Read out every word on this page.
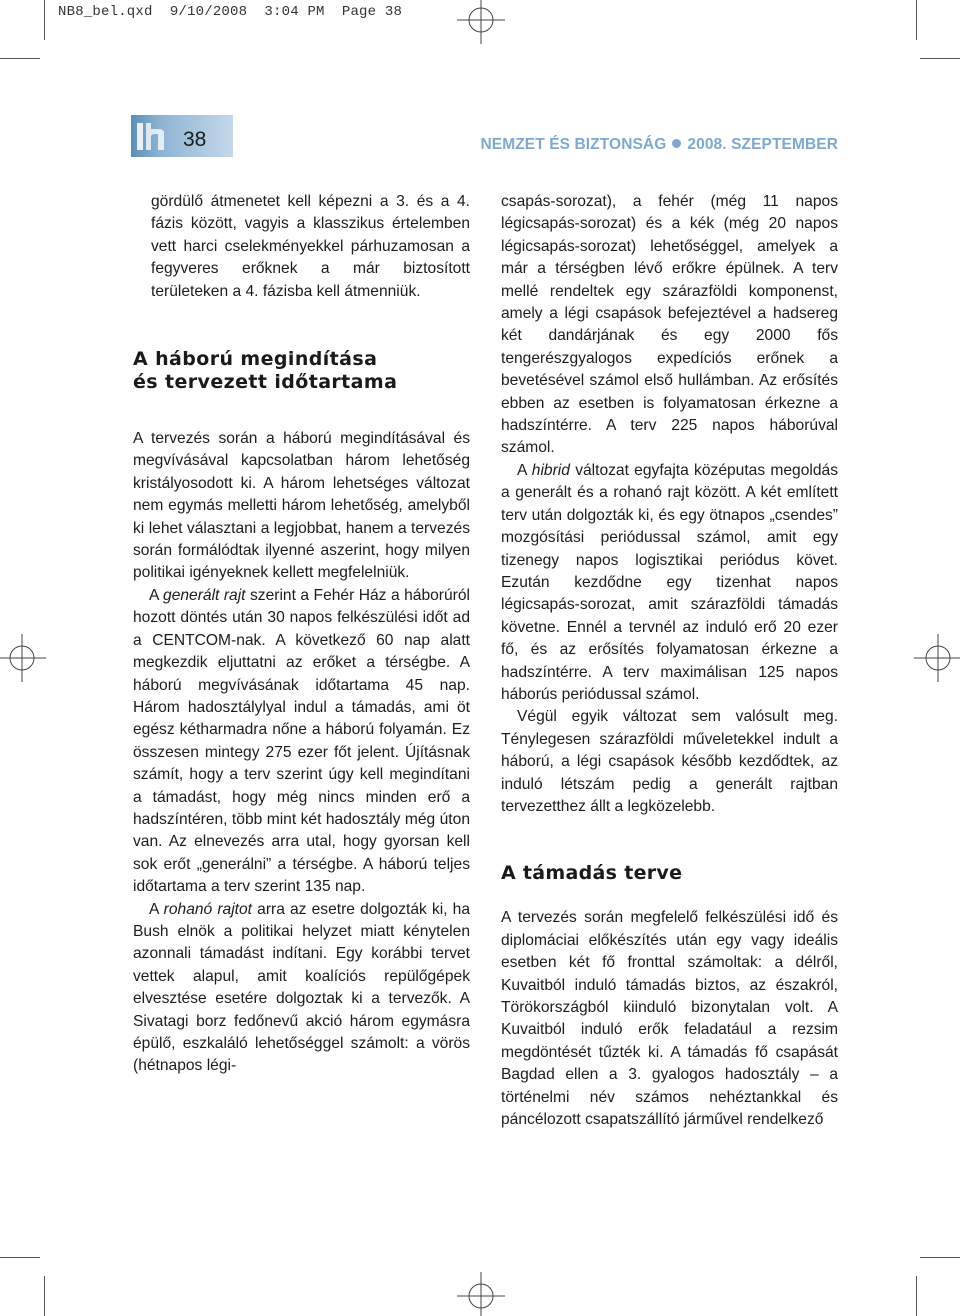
NB8_bel.qxd  9/10/2008  3:04 PM  Page 38
38	NEMZET ÉS BIZTONSÁG 2008. SZEPTEMBER

gördülő átmenetet kell képezni a 3. és a 4. fázis között, vagyis a klasszikus értelemben vett harci cselekményekkel párhuzamosan a fegyveres erőknek a már biztosított területeken a 4. fázisba kell átmenniük.

A háború megindítása
és tervezett időtartama

A tervezés során a háború megindításával és megvívásával kapcsolatban három lehetőség kristályosodott ki. A három lehetséges változat nem egymás melletti három lehetőség, amelyből ki lehet választani a legjobbat, hanem a tervezés során formálódtak ilyenné aszerint, hogy milyen politikai igényeknek kellett megfelelniük.

A generált rajt szerint a Fehér Ház a háborúról hozott döntés után 30 napos felkészülési időt ad a CENTCOM-nak. A következő 60 nap alatt megkezdik eljuttatni az erőket a térségbe. A háború megvívásának időtartama 45 nap. Három hadosztálylyal indul a támadás, ami öt egész kétharmadra nőne a háború folyamán. Ez összesen mintegy 275 ezer főt jelent. Újításnak számít, hogy a terv szerint úgy kell megindítani a támadást, hogy még nincs minden erő a hadszíntéren, több mint két hadosztály még úton van. Az elnevezés arra utal, hogy gyorsan kell sok erőt „generálni” a térségbe. A háború teljes időtartama a terv szerint 135 nap.

A rohanó rajtot arra az esetre dolgozták ki, ha Bush elnök a politikai helyzet miatt kénytelen azonnali támadást indítani. Egy korábbi tervet vettek alapul, amit koalíciós repülőgépek elvesztése esetére dolgoztak ki a tervezők. A Sivatagi borz fedőnevű akció három egymásra épülő, eszkaláló lehetőséggel számolt: a vörös (hétnapos légi-

csapás-sorozat), a fehér (még 11 napos légicsapás-sorozat) és a kék (még 20 napos légicsapás-sorozat) lehetőséggel, amelyek a már a térségben lévő erőkre épülnek. A terv mellé rendeltek egy szárazföldi komponenst, amely a légi csapások befejeztével a hadsereg két dandárjának és egy 2000 fős tengerészgyalogos expedíciós erőnek a bevetésével számol első hullámban. Az erősítés ebben az esetben is folyamatosan érkezne a hadszíntérre. A terv 225 napos háborúval számol.

A hibrid változat egyfajta középutas megoldás a generált és a rohanó rajt között. A két említett terv után dolgozták ki, és egy ötnapos „csendes” mozgósítási periódussal számol, amit egy tizenegy napos logisztikai periódus követ. Ezután kezdődne egy tizenhat napos légicsapás-sorozat, amit szárazföldi támadás követne. Ennél a tervnél az induló erő 20 ezer fő, és az erősítés folyamatosan érkezne a hadszíntérre. A terv maximálisan 125 napos háborús periódussal számol.

Végül egyik változat sem valósult meg. Ténylegesen szárazföldi műveletekkel indult a háború, a légi csapások később kezdődtek, az induló létszám pedig a generált rajtban tervezetthez állt a legközelebb.

A támadás terve

A tervezés során megfelelő felkészülési idő és diplomáciai előkészítés után egy vagy ideális esetben két fő fronttal számoltak: a délről, Kuvaitból induló támadás biztos, az északról, Törökországból kiinduló bizonytalan volt. A Kuvaitból induló erők feladatául a rezsim megdöntését tűzték ki. A támadás fő csapását Bagdad ellen a 3. gyalogos hadosztály – a történelmi név számos nehéztankkal és páncélozott csapatszállító járművel rendelkező
